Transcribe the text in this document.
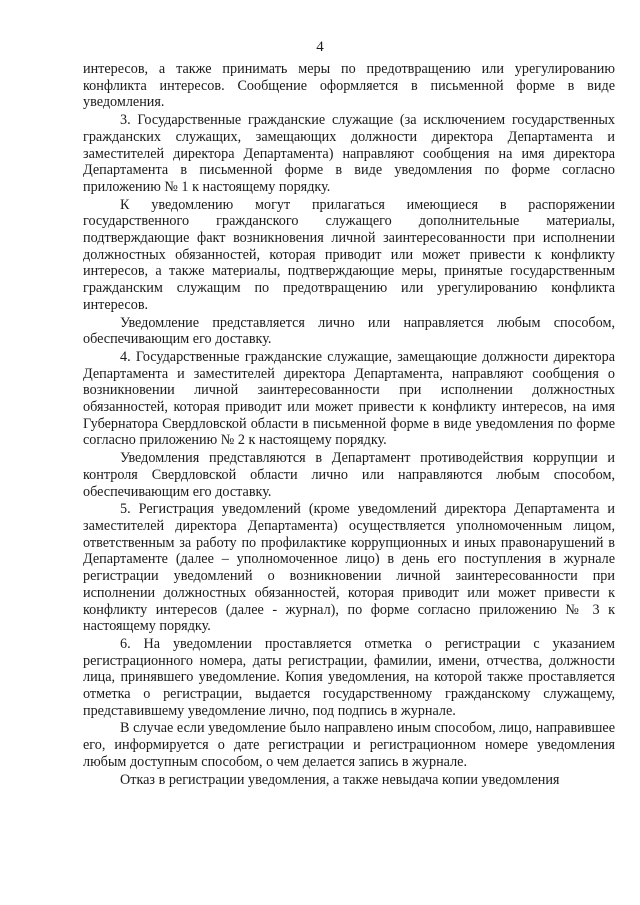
4

интересов, а также принимать меры по предотвращению или урегулированию конфликта интересов. Сообщение оформляется в письменной форме в виде уведомления.

3. Государственные гражданские служащие (за исключением государственных гражданских служащих, замещающих должности директора Департамента и заместителей директора Департамента) направляют сообщения на имя директора Департамента в письменной форме в виде уведомления по форме согласно приложению № 1 к настоящему порядку.

К уведомлению могут прилагаться имеющиеся в распоряжении государственного гражданского служащего дополнительные материалы, подтверждающие факт возникновения личной заинтересованности при исполнении должностных обязанностей, которая приводит или может привести к конфликту интересов, а также материалы, подтверждающие меры, принятые государственным гражданским служащим по предотвращению или урегулированию конфликта интересов.

Уведомление представляется лично или направляется любым способом, обеспечивающим его доставку.

4. Государственные гражданские служащие, замещающие должности директора Департамента и заместителей директора Департамента, направляют сообщения о возникновении личной заинтересованности при исполнении должностных обязанностей, которая приводит или может привести к конфликту интересов, на имя Губернатора Свердловской области в письменной форме в виде уведомления по форме согласно приложению № 2 к настоящему порядку.

Уведомления представляются в Департамент противодействия коррупции и контроля Свердловской области лично или направляются любым способом, обеспечивающим его доставку.

5. Регистрация уведомлений (кроме уведомлений директора Департамента и заместителей директора Департамента) осуществляется уполномоченным лицом, ответственным за работу по профилактике коррупционных и иных правонарушений в Департаменте (далее – уполномоченное лицо) в день его поступления в журнале регистрации уведомлений о возникновении личной заинтересованности при исполнении должностных обязанностей, которая приводит или может привести к конфликту интересов (далее - журнал), по форме согласно приложению № 3 к настоящему порядку.

6. На уведомлении проставляется отметка о регистрации с указанием регистрационного номера, даты регистрации, фамилии, имени, отчества, должности лица, принявшего уведомление. Копия уведомления, на которой также проставляется отметка о регистрации, выдается государственному гражданскому служащему, представившему уведомление лично, под подпись в журнале.

В случае если уведомление было направлено иным способом, лицо, направившее его, информируется о дате регистрации и регистрационном номере уведомления любым доступным способом, о чем делается запись в журнале.

Отказ в регистрации уведомления, а также невыдача копии уведомления
